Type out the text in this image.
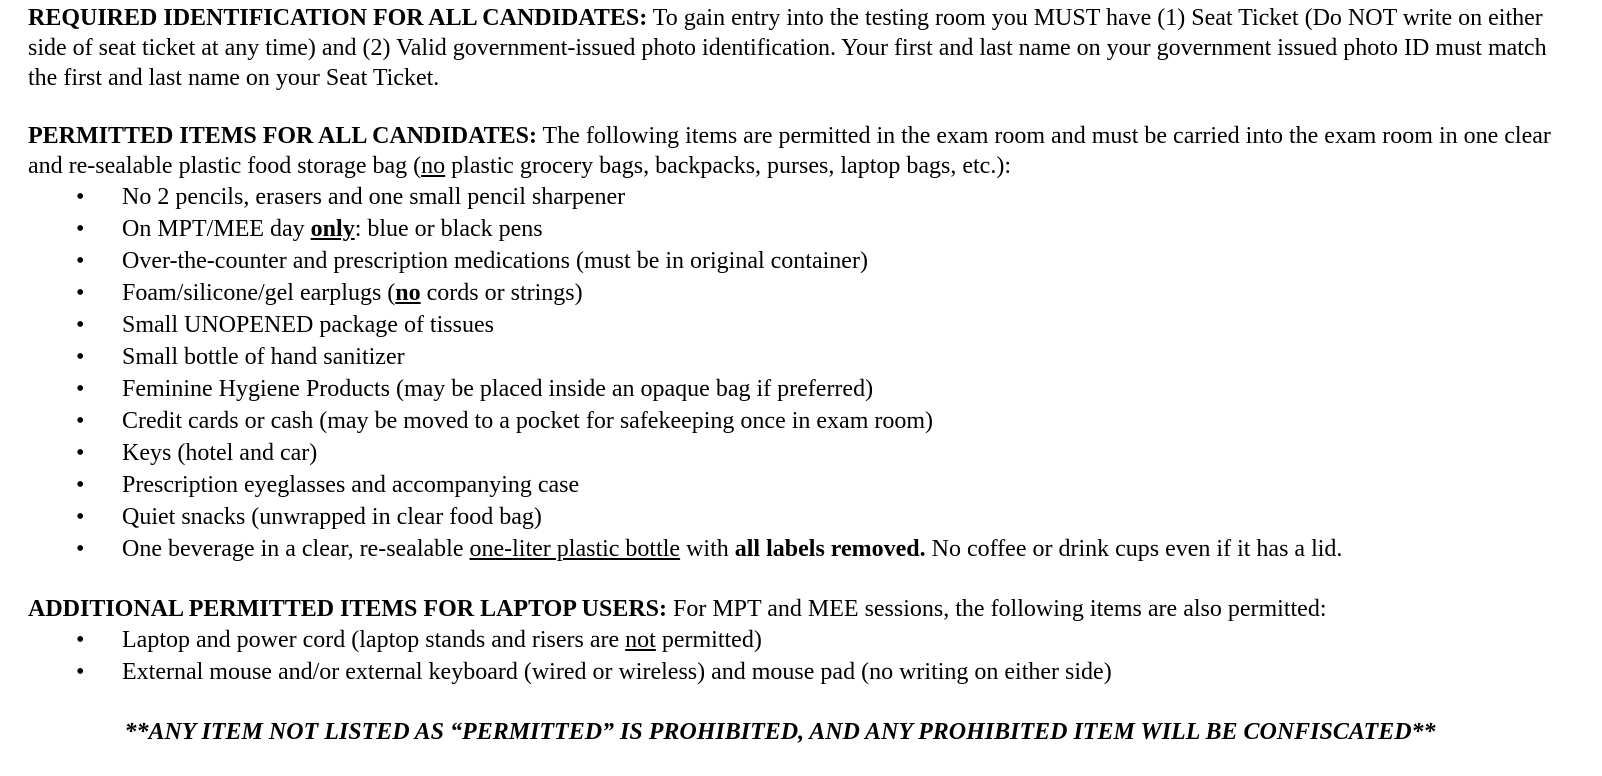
REQUIRED IDENTIFICATION FOR ALL CANDIDATES: To gain entry into the testing room you MUST have (1) Seat Ticket (Do NOT write on either side of seat ticket at any time) and (2) Valid government-issued photo identification. Your first and last name on your government issued photo ID must match the first and last name on your Seat Ticket.

PERMITTED ITEMS FOR ALL CANDIDATES: The following items are permitted in the exam room and must be carried into the exam room in one clear and re-sealable plastic food storage bag (no plastic grocery bags, backpacks, purses, laptop bags, etc.):

• No 2 pencils, erasers and one small pencil sharpener
• On MPT/MEE day only: blue or black pens
• Over-the-counter and prescription medications (must be in original container)
• Foam/silicone/gel earplugs (no cords or strings)
• Small UNOPENED package of tissues
• Small bottle of hand sanitizer
• Feminine Hygiene Products (may be placed inside an opaque bag if preferred)
• Credit cards or cash (may be moved to a pocket for safekeeping once in exam room)
• Keys (hotel and car)
• Prescription eyeglasses and accompanying case
• Quiet snacks (unwrapped in clear food bag)
• One beverage in a clear, re-sealable one-liter plastic bottle with all labels removed. No coffee or drink cups even if it has a lid.

ADDITIONAL PERMITTED ITEMS FOR LAPTOP USERS: For MPT and MEE sessions, the following items are also permitted:

• Laptop and power cord (laptop stands and risers are not permitted)
• External mouse and/or external keyboard (wired or wireless) and mouse pad (no writing on either side)
**ANY ITEM NOT LISTED AS “PERMITTED” IS PROHIBITED, AND ANY PROHIBITED ITEM WILL BE CONFISCATED**
